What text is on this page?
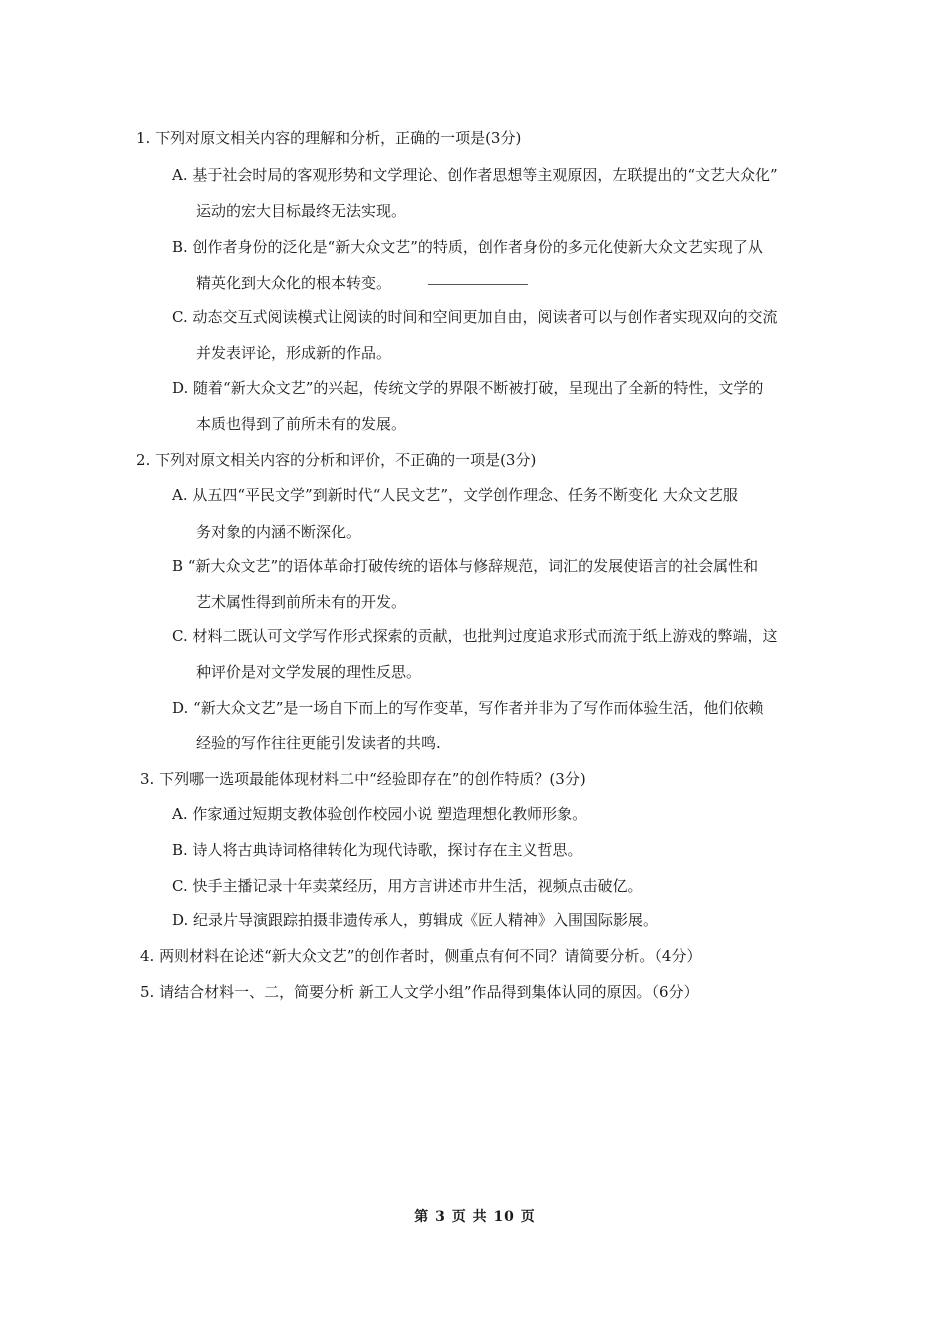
1. 下列对原文相关内容的理解和分析，正确的一项是(3分)
A. 基于社会时局的客观形势和文学理论、创作者思想等主观原因，左联提出的“文艺大众化”
运动的宏大目标最终无法实现。
B. 创作者身份的泛化是“新大众文艺”的特质，创作者身份的多元化使新大众文艺实现了从
精英化到大众化的根本转变。
C. 动态交互式阅读模式让阅读的时间和空间更加自由，阅读者可以与创作者实现双向的交流
并发表评论，形成新的作品。
D. 随着“新大众文艺”的兴起，传统文学的界限不断被打破，呈现出了全新的特性，文学的
本质也得到了前所未有的发展。
2. 下列对原文相关内容的分析和评价，不正确的一项是(3分)
A. 从五四“平民文学”到新时代“人民文艺”，文学创作理念、任务不断变化 大众文艺服
务对象的内涵不断深化。
B “新大众文艺”的语体革命打破传统的语体与修辞规范，词汇的发展使语言的社会属性和
艺术属性得到前所未有的开发。
C. 材料二既认可文学写作形式探索的贡献，也批判过度追求形式而流于纸上游戏的弊端，这
种评价是对文学发展的理性反思。
D. “新大众文艺”是一场自下而上的写作变革，写作者并非为了写作而体验生活，他们依赖
经验的写作往往更能引发读者的共鸣.
3. 下列哪一选项最能体现材料二中“经验即存在”的创作特质？(3分)
A. 作家通过短期支教体验创作校园小说 塑造理想化教师形象。
B. 诗人将古典诗词格律转化为现代诗歌，探讨存在主义哲思。
C. 快手主播记录十年卖菜经历，用方言讲述市井生活，视频点击破亿。
D. 纪录片导演跟踪拍摄非遗传承人，剪辑成《匠人精神》入围国际影展。
4. 两则材料在论述“新大众文艺”的创作者时，侧重点有何不同？请简要分析。（4分）
5. 请结合材料一、二，简要分析 新工人文学小组”作品得到集体认同的原因。（6分）
第 3 页 共 10 页
